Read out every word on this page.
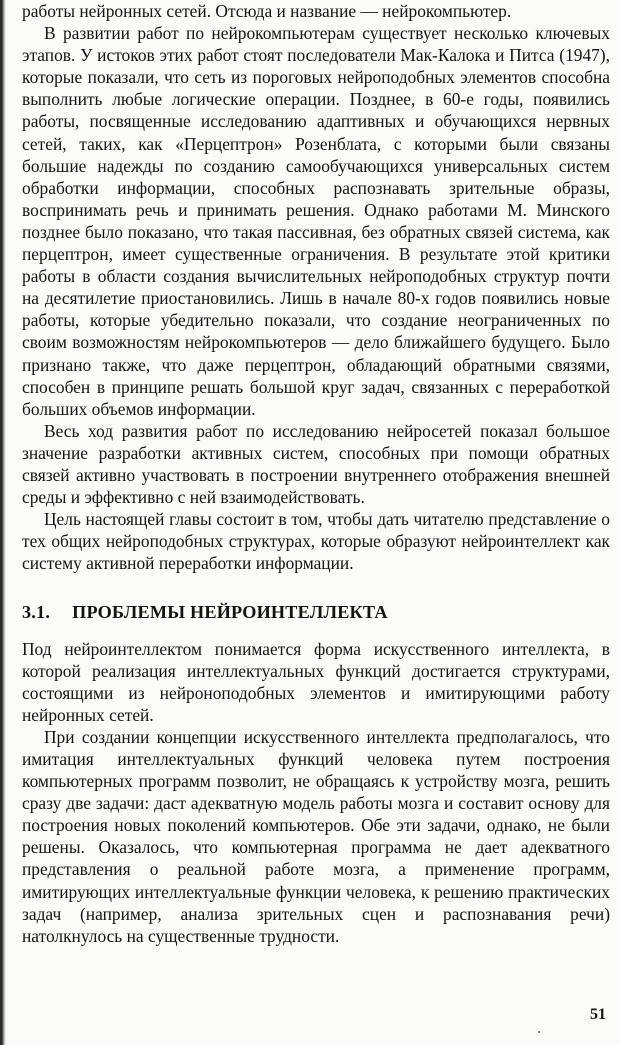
работы нейронных сетей. Отсюда и название — нейрокомпьютер.

В развитии работ по нейрокомпьютерам существует несколько ключевых этапов. У истоков этих работ стоят последователи Мак-Калока и Питса (1947), которые показали, что сеть из пороговых нейроподобных элементов способна выполнить любые логические операции. Позднее, в 60-е годы, появились работы, посвященные исследованию адаптивных и обучающихся нервных сетей, таких, как «Перцептрон» Розенблата, с которыми были связаны большие надежды по созданию самообучающихся универсальных систем обработки информации, способных распознавать зрительные образы, воспринимать речь и принимать решения. Однако работами М. Минского позднее было показано, что такая пассивная, без обратных связей система, как перцептрон, имеет существенные ограничения. В результате этой критики работы в области создания вычислительных нейроподобных структур почти на десятилетие приостановились. Лишь в начале 80-х годов появились новые работы, которые убедительно показали, что создание неограниченных по своим возможностям нейрокомпьютеров — дело ближайшего будущего. Было признано также, что даже перцептрон, обладающий обратными связями, способен в принципе решать большой круг задач, связанных с переработкой больших объемов информации.

Весь ход развития работ по исследованию нейросетей показал большое значение разработки активных систем, способных при помощи обратных связей активно участвовать в построении внутреннего отображения внешней среды и эффективно с ней взаимодействовать.

Цель настоящей главы состоит в том, чтобы дать читателю представление о тех общих нейроподобных структурах, которые образуют нейроинтеллект как систему активной переработки информации.

3.1. ПРОБЛЕМЫ НЕЙРОИНТЕЛЛЕКТА

Под нейроинтеллектом понимается форма искусственного интеллекта, в которой реализация интеллектуальных функций достигается структурами, состоящими из нейроноподобных элементов и имитирующими работу нейронных сетей.

При создании концепции искусственного интеллекта предполагалось, что имитация интеллектуальных функций человека путем построения компьютерных программ позволит, не обращаясь к устройству мозга, решить сразу две задачи: даст адекватную модель работы мозга и составит основу для построения новых поколений компьютеров. Обе эти задачи, однако, не были решены. Оказалось, что компьютерная программа не дает адекватного представления о реальной работе мозга, а применение программ, имитирующих интеллектуальные функции человека, к решению практических задач (например, анализа зрительных сцен и распознавания речи) натолкнулось на существенные трудности.

51
